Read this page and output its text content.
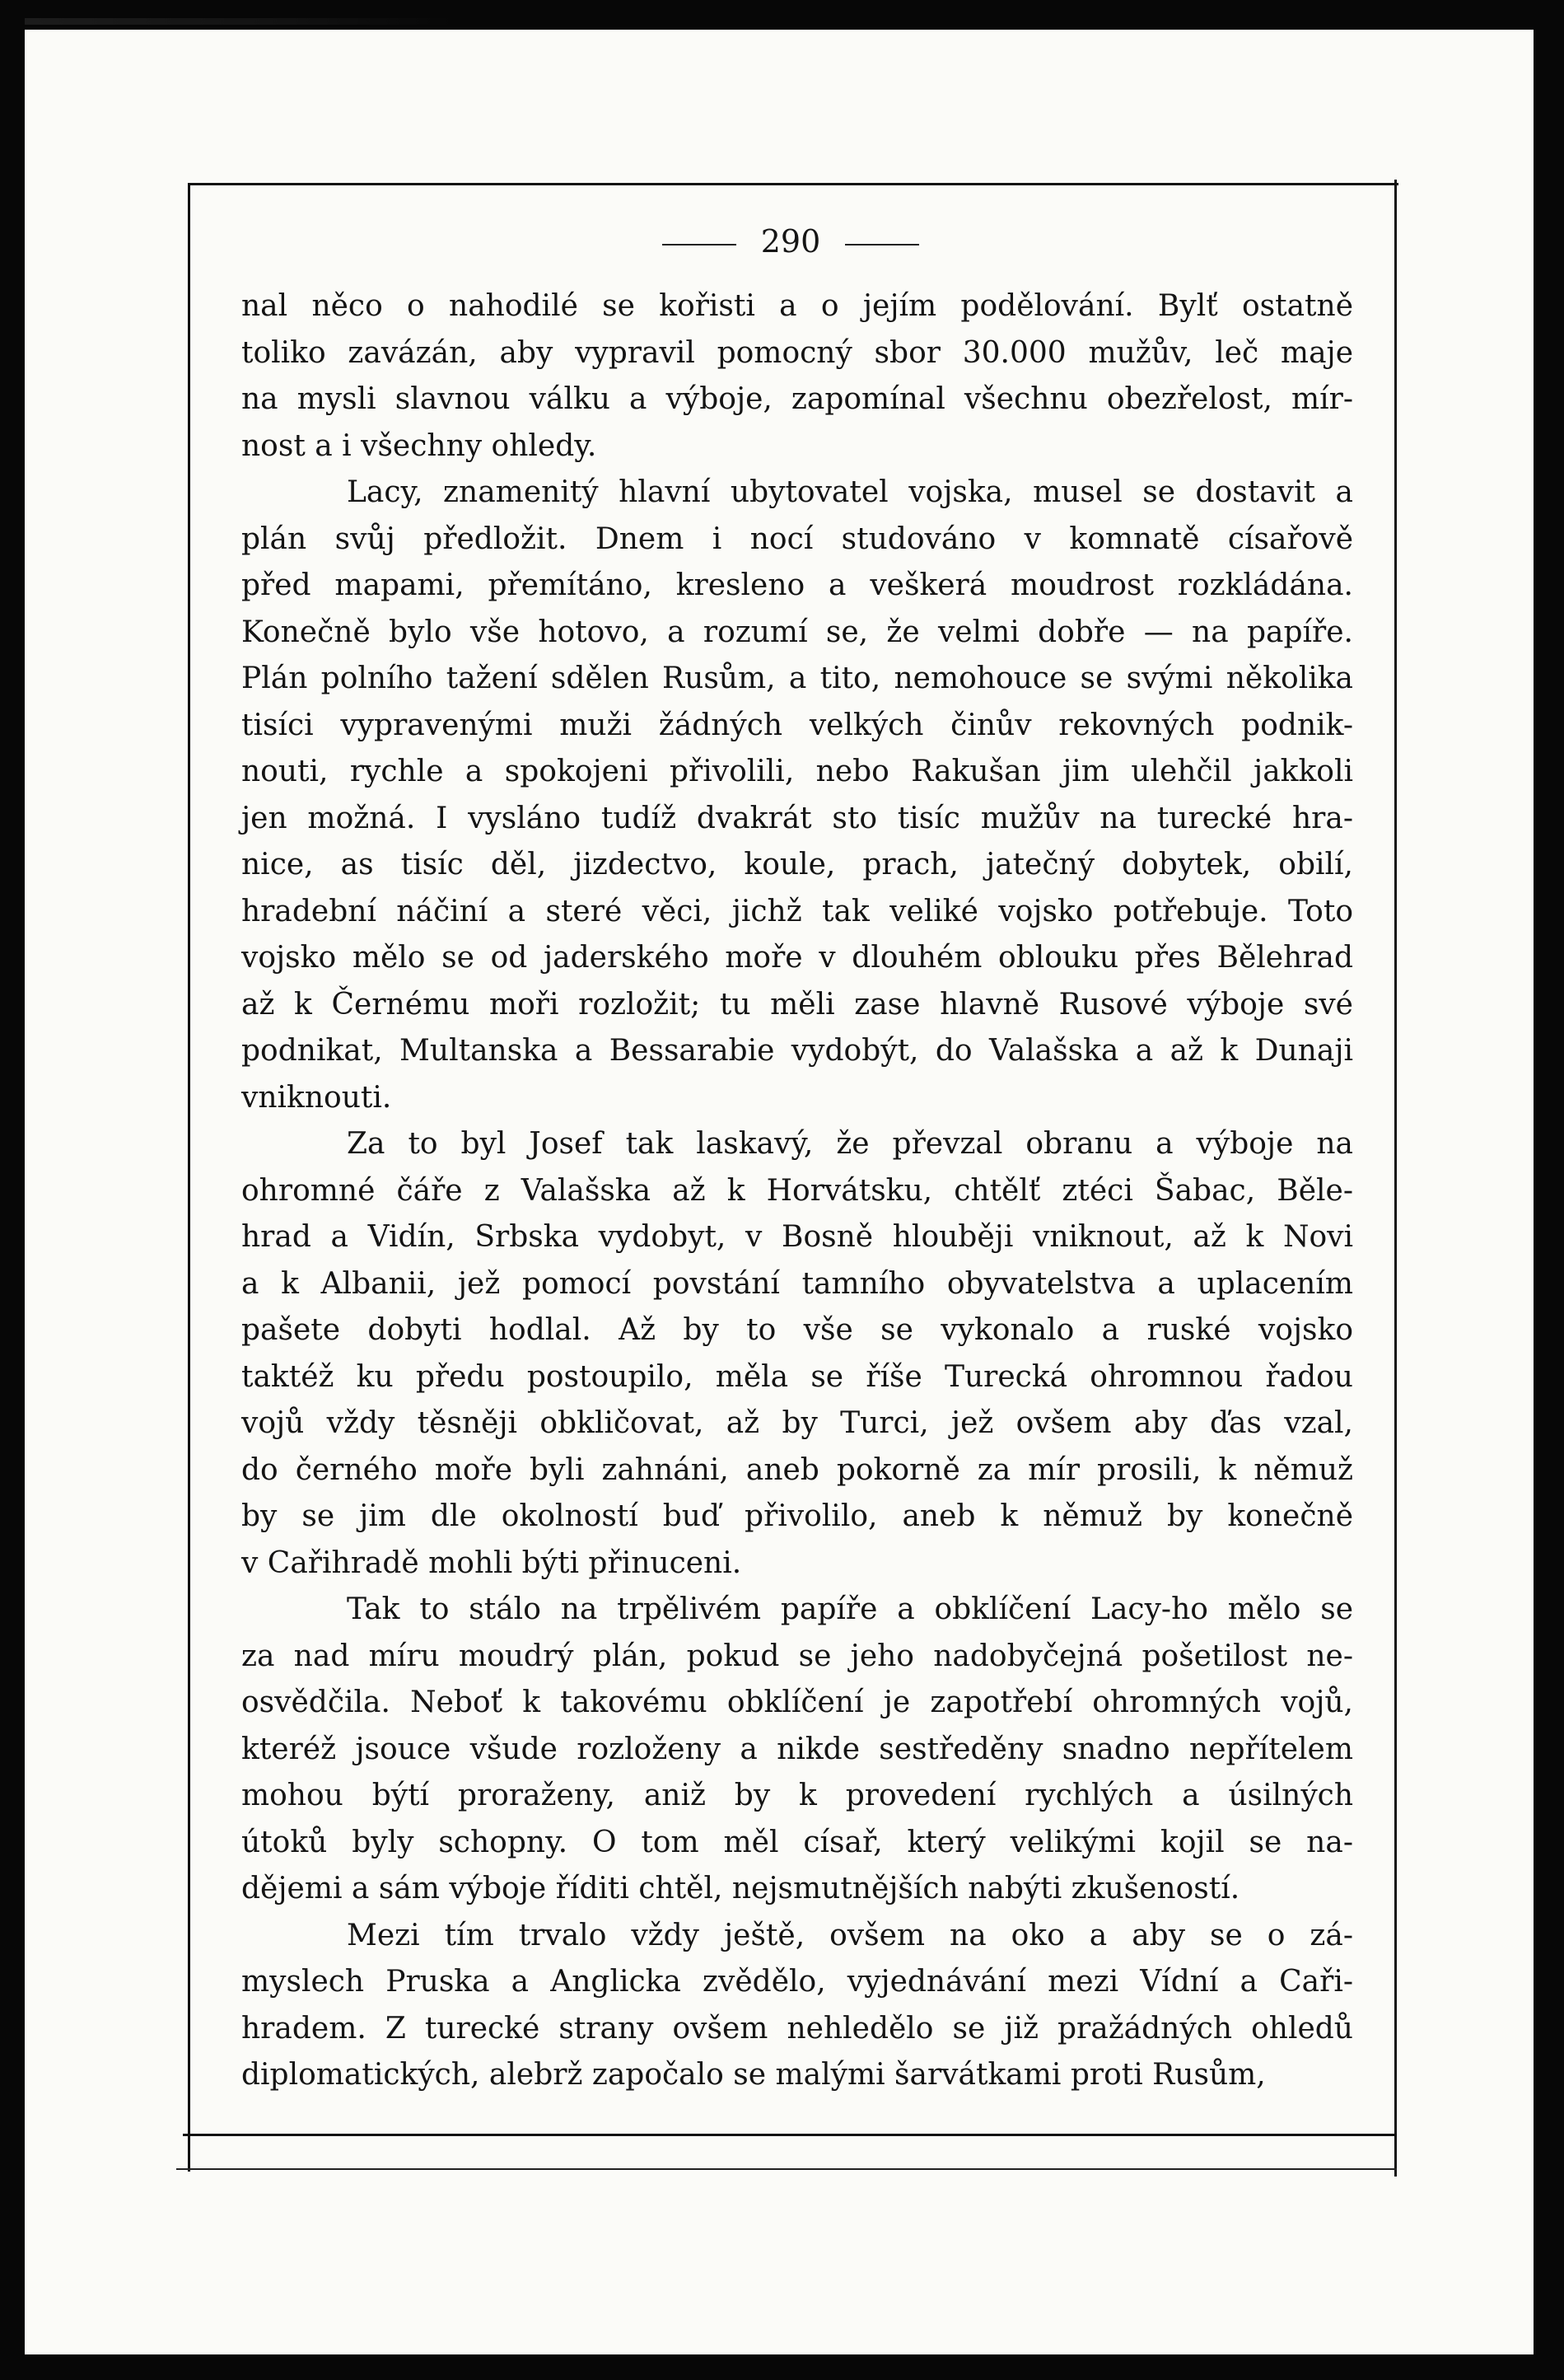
290

nal něco o nahodilé se kořisti a o jejím podělování. Bylť ostatně
toliko zavázán, aby vypravil pomocný sbor 30.000 mužův, leč maje
na mysli slavnou válku a výboje, zapomínal všechnu obezřelost, mír-
nost a i všechny ohledy.

Lacy, znamenitý hlavní ubytovatel vojska, musel se dostavit a
plán svůj předložit. Dnem i nocí studováno v komnatě císařově
před mapami, přemítáno, kresleno a veškerá moudrost rozkládána.
Konečně bylo vše hotovo, a rozumí se, že velmi dobře — na papíře.
Plán polního tažení sdělen Rusům, a tito, nemohouce se svými několika
tisíci vypravenými muži žádných velkých činův rekovných podnik-
nouti, rychle a spokojeni přivolili, nebo Rakušan jim ulehčil jakkoli
jen možná. I vysláno tudíž dvakrát sto tisíc mužův na turecké hra-
nice, as tisíc děl, jizdectvo, koule, prach, jatečný dobytek, obilí,
hradební náčiní a steré věci, jichž tak veliké vojsko potřebuje. Toto
vojsko mělo se od jaderského moře v dlouhém oblouku přes Bělehrad
až k Černému moři rozložit; tu měli zase hlavně Rusové výboje své
podnikat, Multanska a Bessarabie vydobýt, do Valašska a až k Dunaji
vniknouti.

Za to byl Josef tak laskavý, že převzal obranu a výboje na
ohromné čáře z Valašska až k Horvátsku, chtělť ztéci Šabac, Běle-
hrad a Vidín, Srbska vydobyt, v Bosně hlouběji vniknout, až k Novi
a k Albanii, jež pomocí povstání tamního obyvatelstva a uplacením
pašete dobyti hodlal. Až by to vše se vykonalo a ruské vojsko
taktéž ku předu postoupilo, měla se říše Turecká ohromnou řadou
vojů vždy těsněji obkličovat, až by Turci, jež ovšem aby ďas vzal,
do černého moře byli zahnáni, aneb pokorně za mír prosili, k němuž
by se jim dle okolností buď přivolilo, aneb k němuž by konečně
v Cařihradě mohli býti přinuceni.

Tak to stálo na trpělivém papíře a obklíčení Lacy-ho mělo se
za nad míru moudrý plán, pokud se jeho nadobyčejná pošetilost ne-
osvědčila. Neboť k takovému obklíčení je zapotřebí ohromných vojů,
kteréž jsouce všude rozloženy a nikde sestředěny snadno nepřítelem
mohou býtí proraženy, aniž by k provedení rychlých a úsilných
útoků byly schopny. O tom měl císař, který velikými kojil se na-
dějemi a sám výboje říditi chtěl, nejsmutnějších nabýti zkušeností.

Mezi tím trvalo vždy ještě, ovšem na oko a aby se o zá-
myslech Pruska a Anglicka zvědělo, vyjednávání mezi Vídní a Caři-
hradem. Z turecké strany ovšem nehledělo se již pražádných ohledů
diplomatických, alebrž započalo se malými šarvátkami proti Rusům,
